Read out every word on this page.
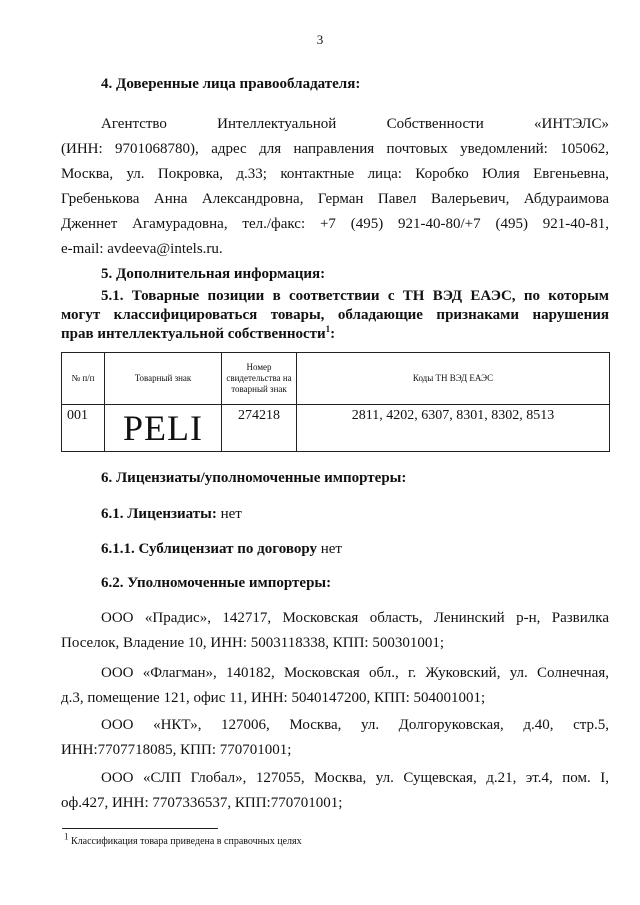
3
4. Доверенные лица правообладателя:
Агентство Интеллектуальной Собственности «ИНТЭЛС»
(ИНН: 9701068780), адрес для направления почтовых уведомлений: 105062,
Москва, ул. Покровка, д.33; контактные лица: Коробко Юлия Евгеньевна,
Гребенькова Анна Александровна, Герман Павел Валерьевич, Абдураимова
Дженнет Агамурадовна, тел./факс: +7 (495) 921-40-80/+7 (495) 921-40-81,
e-mail: avdeeva@intels.ru.
5. Дополнительная информация:
5.1. Товарные позиции в соответствии с ТН ВЭД ЕАЭС, по которым
могут классифицироваться товары, обладающие признаками нарушения
прав интеллектуальной собственности$^1$:
№ п/п	Товарный знак	Номер свидетельства на товарный знак	Коды ТН ВЭД ЕАЭС
001	PELI	274218	2811, 4202, 6307, 8301, 8302, 8513
6. Лицензиаты/уполномоченные импортеры:
6.1. Лицензиаты: нет
6.1.1. Сублицензиат по договору нет
6.2. Уполномоченные импортеры:
ООО «Прадис», 142717, Московская область, Ленинский р-н, Развилка
Поселок, Владение 10, ИНН: 5003118338, КПП: 500301001;
ООО «Флагман», 140182, Московская обл., г. Жуковский, ул. Солнечная,
д.3, помещение 121, офис 11, ИНН: 5040147200, КПП: 504001001;
ООО «НКТ», 127006, Москва, ул. Долгоруковская, д.40, стр.5,
ИНН:7707718085, КПП: 770701001;
ООО «СЛП Глобал», 127055, Москва, ул. Сущевская, д.21, эт.4, пом. I,
оф.427, ИНН: 7707336537, КПП:770701001;
$^1$ Классификация товара приведена в справочных целях
